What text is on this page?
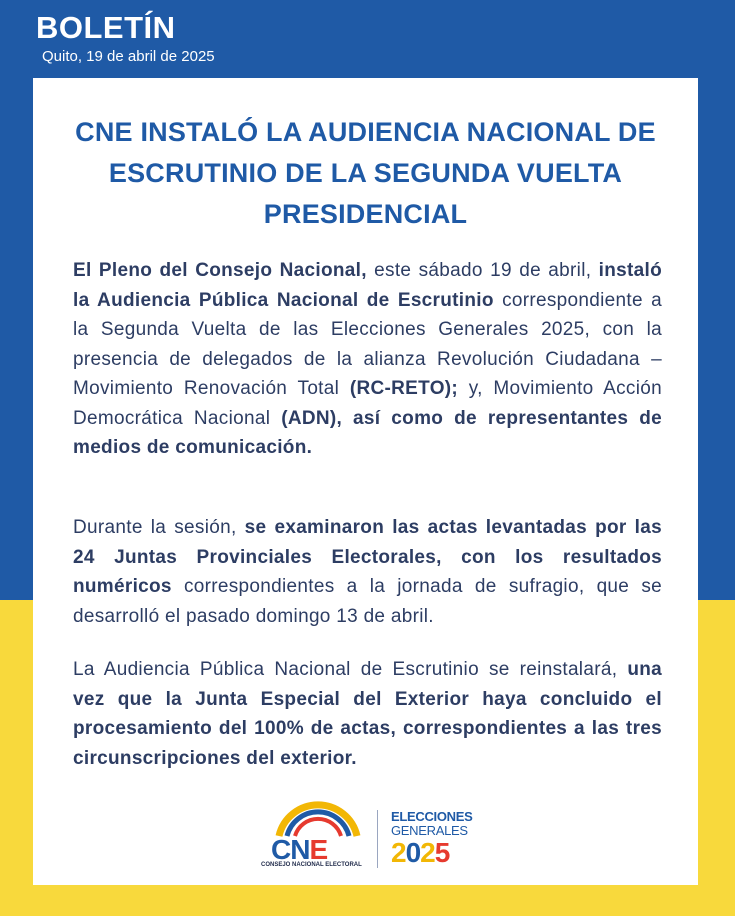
BOLETÍN
Quito, 19 de abril de 2025
CNE INSTALÓ LA AUDIENCIA NACIONAL DE
ESCRUTINIO DE LA SEGUNDA VUELTA
PRESIDENCIAL
El Pleno del Consejo Nacional, este sábado 19 de abril, instaló la Audiencia Pública Nacional de Escrutinio correspondiente a la Segunda Vuelta de las Elecciones Generales 2025, con la presencia de delegados de la alianza Revolución Ciudadana – Movimiento Renovación Total (RC-RETO); y, Movimiento Acción Democrática Nacional (ADN), así como de representantes de medios de comunicación.
Durante la sesión, se examinaron las actas levantadas por las 24 Juntas Provinciales Electorales, con los resultados numéricos correspondientes a la jornada de sufragio, que se desarrolló el pasado domingo 13 de abril.
La Audiencia Pública Nacional de Escrutinio se reinstalará, una vez que la Junta Especial del Exterior haya concluido el procesamiento del 100% de actas, correspondientes a las tres circunscripciones del exterior.
CNE
CONSEJO NACIONAL ELECTORAL
ELECCIONES
GENERALES
2025
